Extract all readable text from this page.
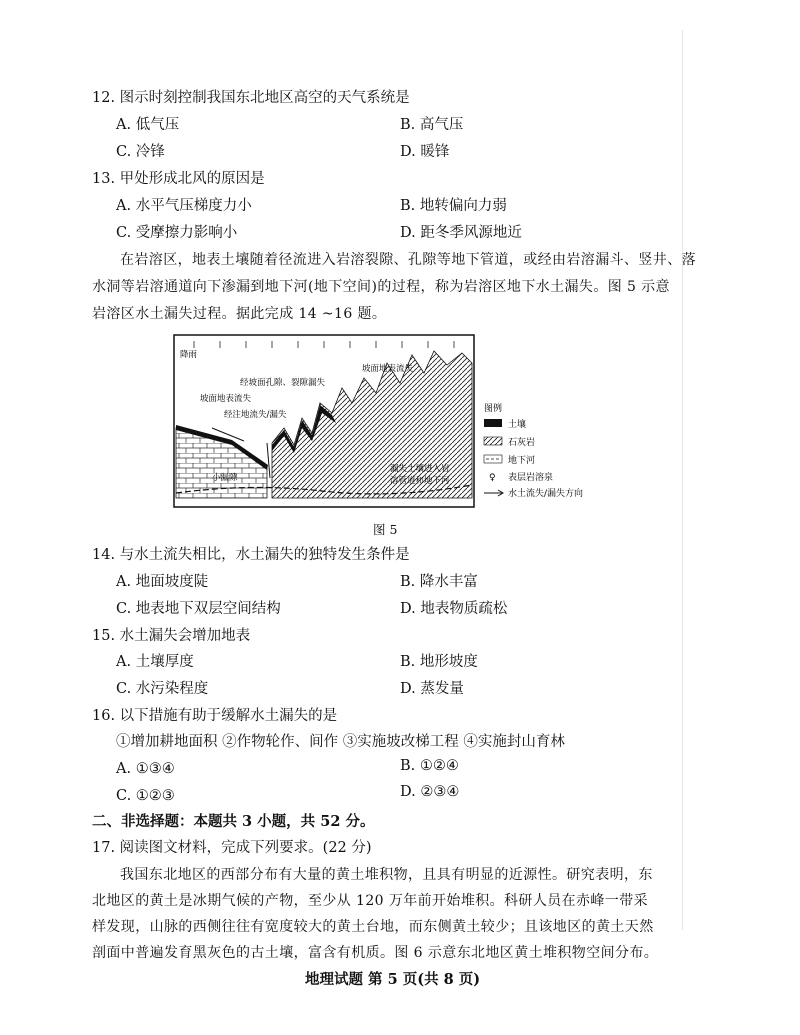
12. 图示时刻控制我国东北地区高空的天气系统是
A. 低气压	B. 高气压
C. 冷锋	D. 暖锋
13. 甲处形成北风的原因是
A. 水平气压梯度力小	B. 地转偏向力弱
C. 受摩擦力影响小	D. 距冬季风源地近
在岩溶区，地表土壤随着径流进入岩溶裂隙、孔隙等地下管道，或经由岩溶漏斗、竖井、落
水洞等岩溶通道向下渗漏到地下河(地下空间)的过程，称为岩溶区地下水土漏失。图 5 示意
岩溶区水土漏失过程。据此完成 14 ~16 题。
降雨
坡面地表流失
经坡面孔隙、裂隙漏失
坡面地表流失
经注地流失/漏失
小漏隙
漏失土壤进入岩
溶管道和地下河
图例
土壤
石灰岩
地下河
♀ 表层岩溶泉
水土流失/漏失方向
图 5
14. 与水土流失相比，水土漏失的独特发生条件是
A. 地面坡度陡	B. 降水丰富
C. 地表地下双层空间结构	D. 地表物质疏松
15. 水土漏失会增加地表
A. 土壤厚度	B. 地形坡度
C. 水污染程度	D. 蒸发量
16. 以下措施有助于缓解水土漏失的是
①增加耕地面积 ②作物轮作、间作 ③实施坡改梯工程 ④实施封山育林
A. ①③④	B. ①②④
C. ①②③	D. ②③④
二、非选择题：本题共 3 小题，共 52 分。
17. 阅读图文材料，完成下列要求。(22 分)
我国东北地区的西部分布有大量的黄土堆积物，且具有明显的近源性。研究表明，东
北地区的黄土是冰期气候的产物，至少从 120 万年前开始堆积。科研人员在赤峰一带采
样发现，山脉的西侧往往有宽度较大的黄土台地，而东侧黄土较少；且该地区的黄土天然
剖面中普遍发育黑灰色的古土壤，富含有机质。图 6 示意东北地区黄土堆积物空间分布。
地理试题 第 5 页(共 8 页)
